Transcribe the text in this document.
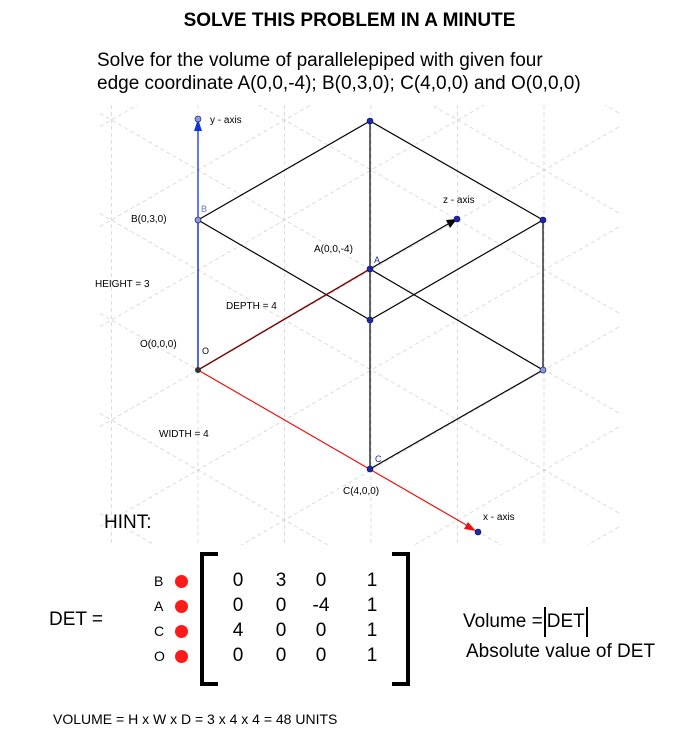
SOLVE THIS PROBLEM IN A MINUTE
Solve for the volume of parallelepiped with given four
edge coordinate A(0,0,-4); B(0,3,0); C(4,0,0) and O(0,0,0)
y - axis
z - axis
x - axis
B(0,3,0)
B
A(0,0,-4)
A
O(0,0,0)
O
C(4,0,0)
C
HEIGHT = 3
DEPTH = 4
WIDTH = 4
HINT:
DET =
B	0	3	0	1
A	0	0	-4	1
C	4	0	0	1
O	0	0	0	1
Volume = DET
Absolute value of DET
VOLUME = H x W x D = 3 x 4 x 4 = 48 UNITS
